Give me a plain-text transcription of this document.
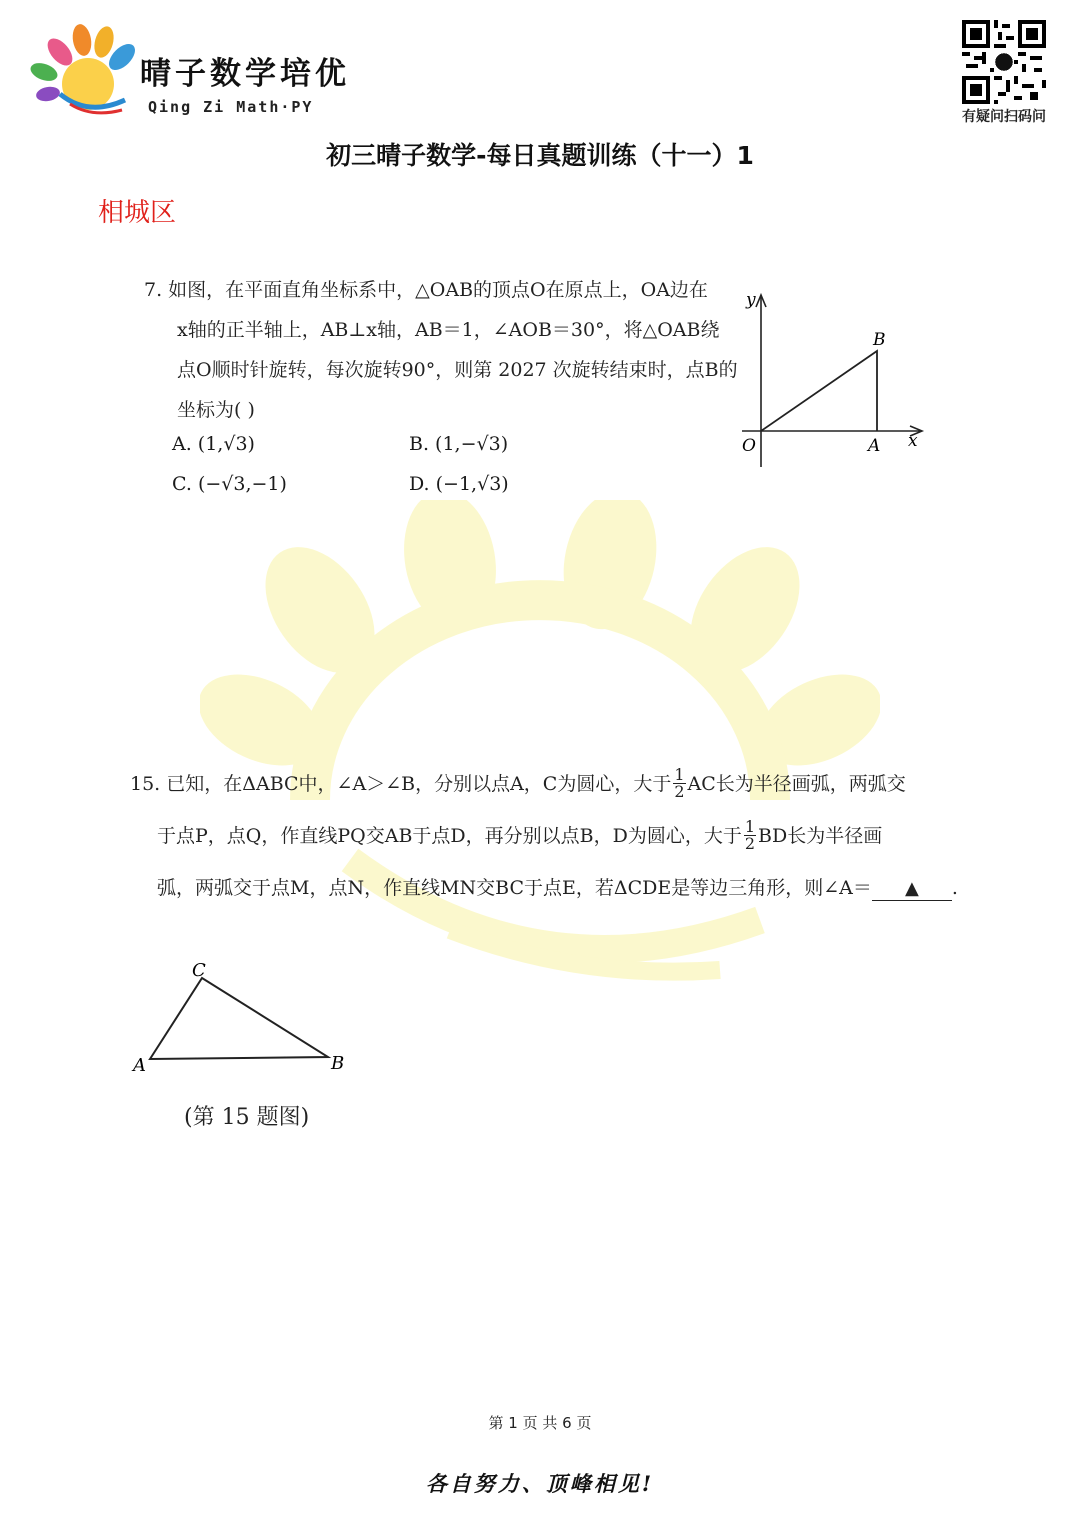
晴子数学培优
Qing Zi Math·PY
有疑问扫码问
初三晴子数学-每日真题训练（十一）1
相城区
7. 如图，在平面直角坐标系中，△OAB的顶点O在原点上，OA边在
x轴的正半轴上，AB⊥x轴，AB＝1，∠AOB＝30°，将△OAB绕
点O顺时针旋转，每次旋转90°，则第 2027 次旋转结束时，点B的
坐标为( )
A. (1,√3)	B. (1,−√3)
C. (−√3,−1)	D. (−1,√3)
y
x
O	A
B
15. 已知，在ΔABC中，∠A＞∠B，分别以点A，C为圆心，大于 $\frac{1}{2}$ AC长为半径画弧，两弧交
于点P，点Q，作直线PQ交AB于点D，再分别以点B，D为圆心，大于 $\frac{1}{2}$ BD长为半径画
弧，两弧交于点M，点N，作直线MN交BC于点E，若ΔCDE是等边三角形，则∠A＝ ▲ .
C
A	B
(第 15 题图)
第 1 页 共 6 页
各自努力、顶峰相见!
